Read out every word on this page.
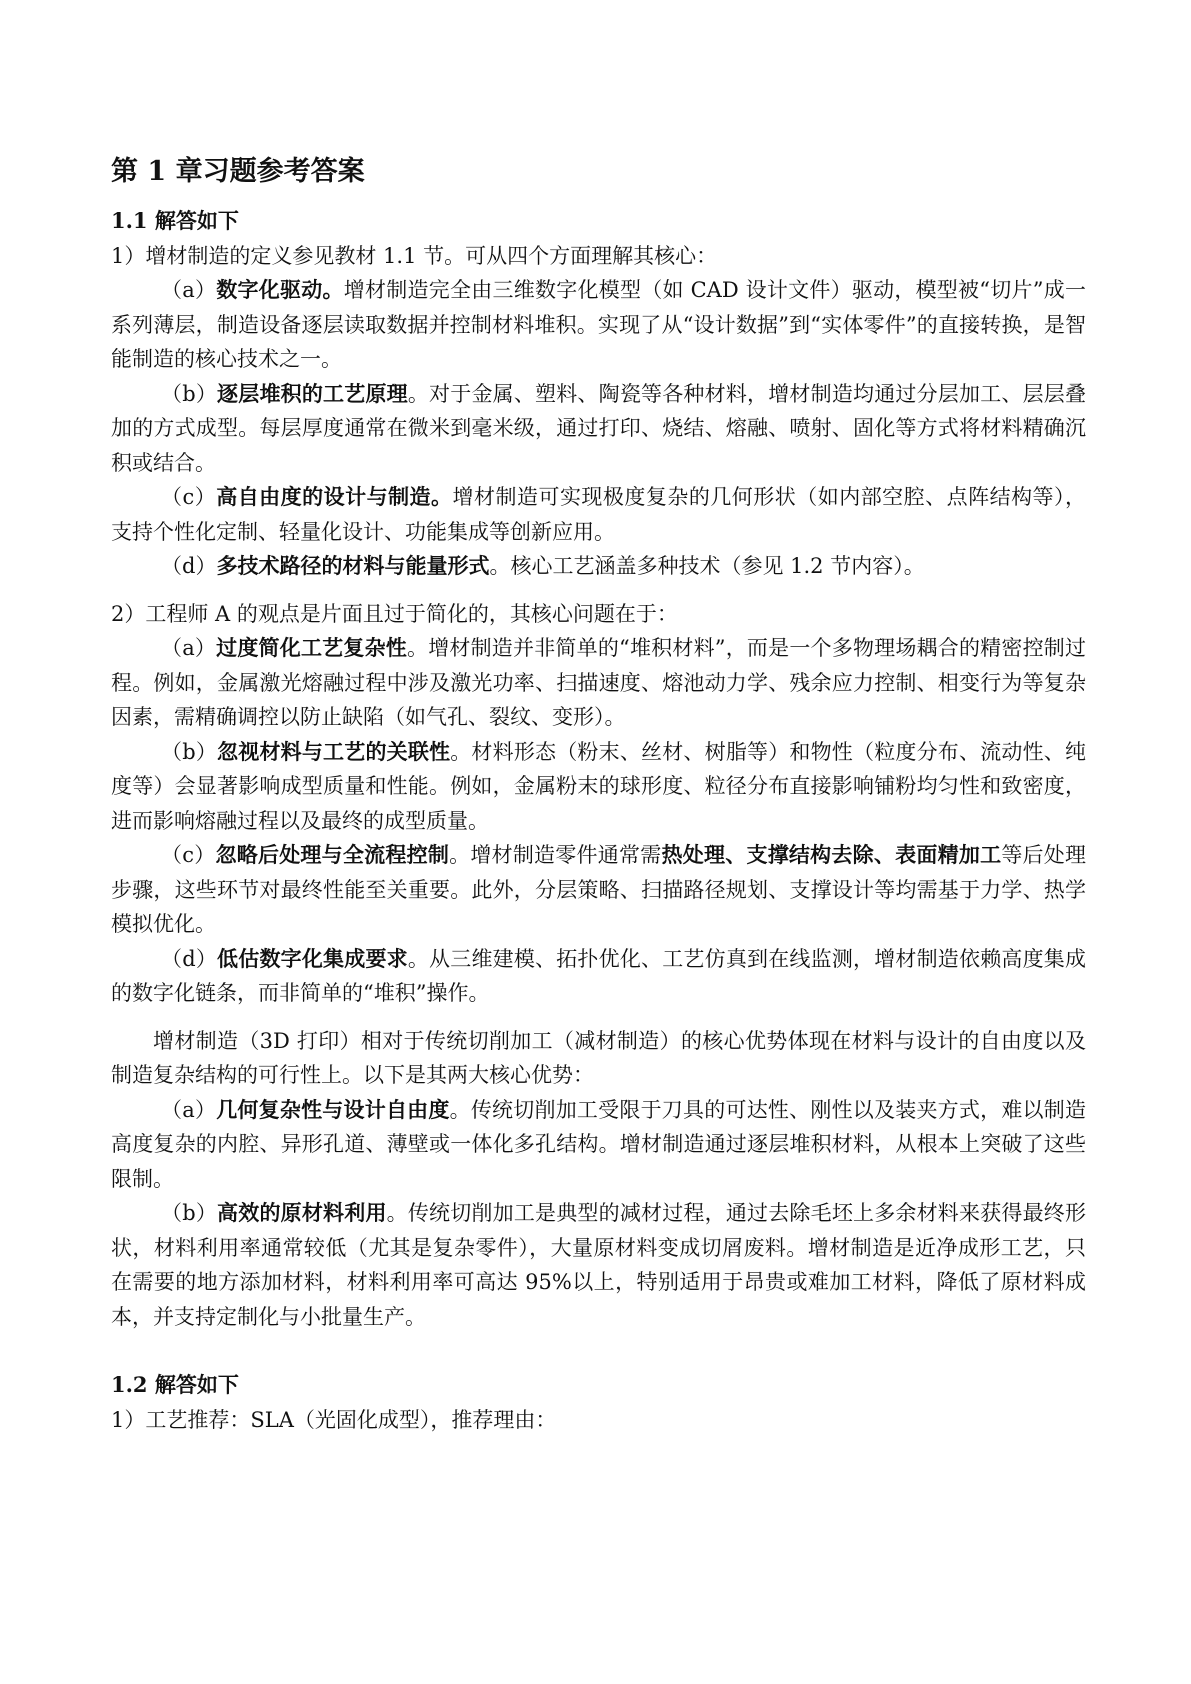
第 1 章习题参考答案
1.1 解答如下

1）增材制造的定义参见教材 1.1 节。可从四个方面理解其核心：

（a）数字化驱动。增材制造完全由三维数字化模型（如 CAD 设计文件）驱动，模型被“切片”成一系列薄层，制造设备逐层读取数据并控制材料堆积。实现了从“设计数据”到“实体零件”的直接转换，是智能制造的核心技术之一。

（b）逐层堆积的工艺原理。对于金属、塑料、陶瓷等各种材料，增材制造均通过分层加工、层层叠加的方式成型。每层厚度通常在微米到毫米级，通过打印、烧结、熔融、喷射、固化等方式将材料精确沉积或结合。

（c）高自由度的设计与制造。增材制造可实现极度复杂的几何形状（如内部空腔、点阵结构等），支持个性化定制、轻量化设计、功能集成等创新应用。

（d）多技术路径的材料与能量形式。核心工艺涵盖多种技术（参见 1.2 节内容）。

2）工程师 A 的观点是片面且过于简化的，其核心问题在于：

（a）过度简化工艺复杂性。增材制造并非简单的“堆积材料”，而是一个多物理场耦合的精密控制过程。例如，金属激光熔融过程中涉及激光功率、扫描速度、熔池动力学、残余应力控制、相变行为等复杂因素，需精确调控以防止缺陷（如气孔、裂纹、变形）。

（b）忽视材料与工艺的关联性。材料形态（粉末、丝材、树脂等）和物性（粒度分布、流动性、纯度等）会显著影响成型质量和性能。例如，金属粉末的球形度、粒径分布直接影响铺粉均匀性和致密度，进而影响熔融过程以及最终的成型质量。

（c）忽略后处理与全流程控制。增材制造零件通常需热处理、支撑结构去除、表面精加工等后处理步骤，这些环节对最终性能至关重要。此外，分层策略、扫描路径规划、支撑设计等均需基于力学、热学模拟优化。

（d）低估数字化集成要求。从三维建模、拓扑优化、工艺仿真到在线监测，增材制造依赖高度集成的数字化链条，而非简单的“堆积”操作。

增材制造（3D 打印）相对于传统切削加工（减材制造）的核心优势体现在材料与设计的自由度以及制造复杂结构的可行性上。以下是其两大核心优势：

（a）几何复杂性与设计自由度。传统切削加工受限于刀具的可达性、刚性以及装夹方式，难以制造高度复杂的内腔、异形孔道、薄壁或一体化多孔结构。增材制造通过逐层堆积材料，从根本上突破了这些限制。

（b）高效的原材料利用。传统切削加工是典型的减材过程，通过去除毛坯上多余材料来获得最终形状，材料利用率通常较低（尤其是复杂零件），大量原材料变成切屑废料。增材制造是近净成形工艺，只在需要的地方添加材料，材料利用率可高达 95%以上，特别适用于昂贵或难加工材料，降低了原材料成本，并支持定制化与小批量生产。

1.2 解答如下

1）工艺推荐：SLA（光固化成型），推荐理由：
